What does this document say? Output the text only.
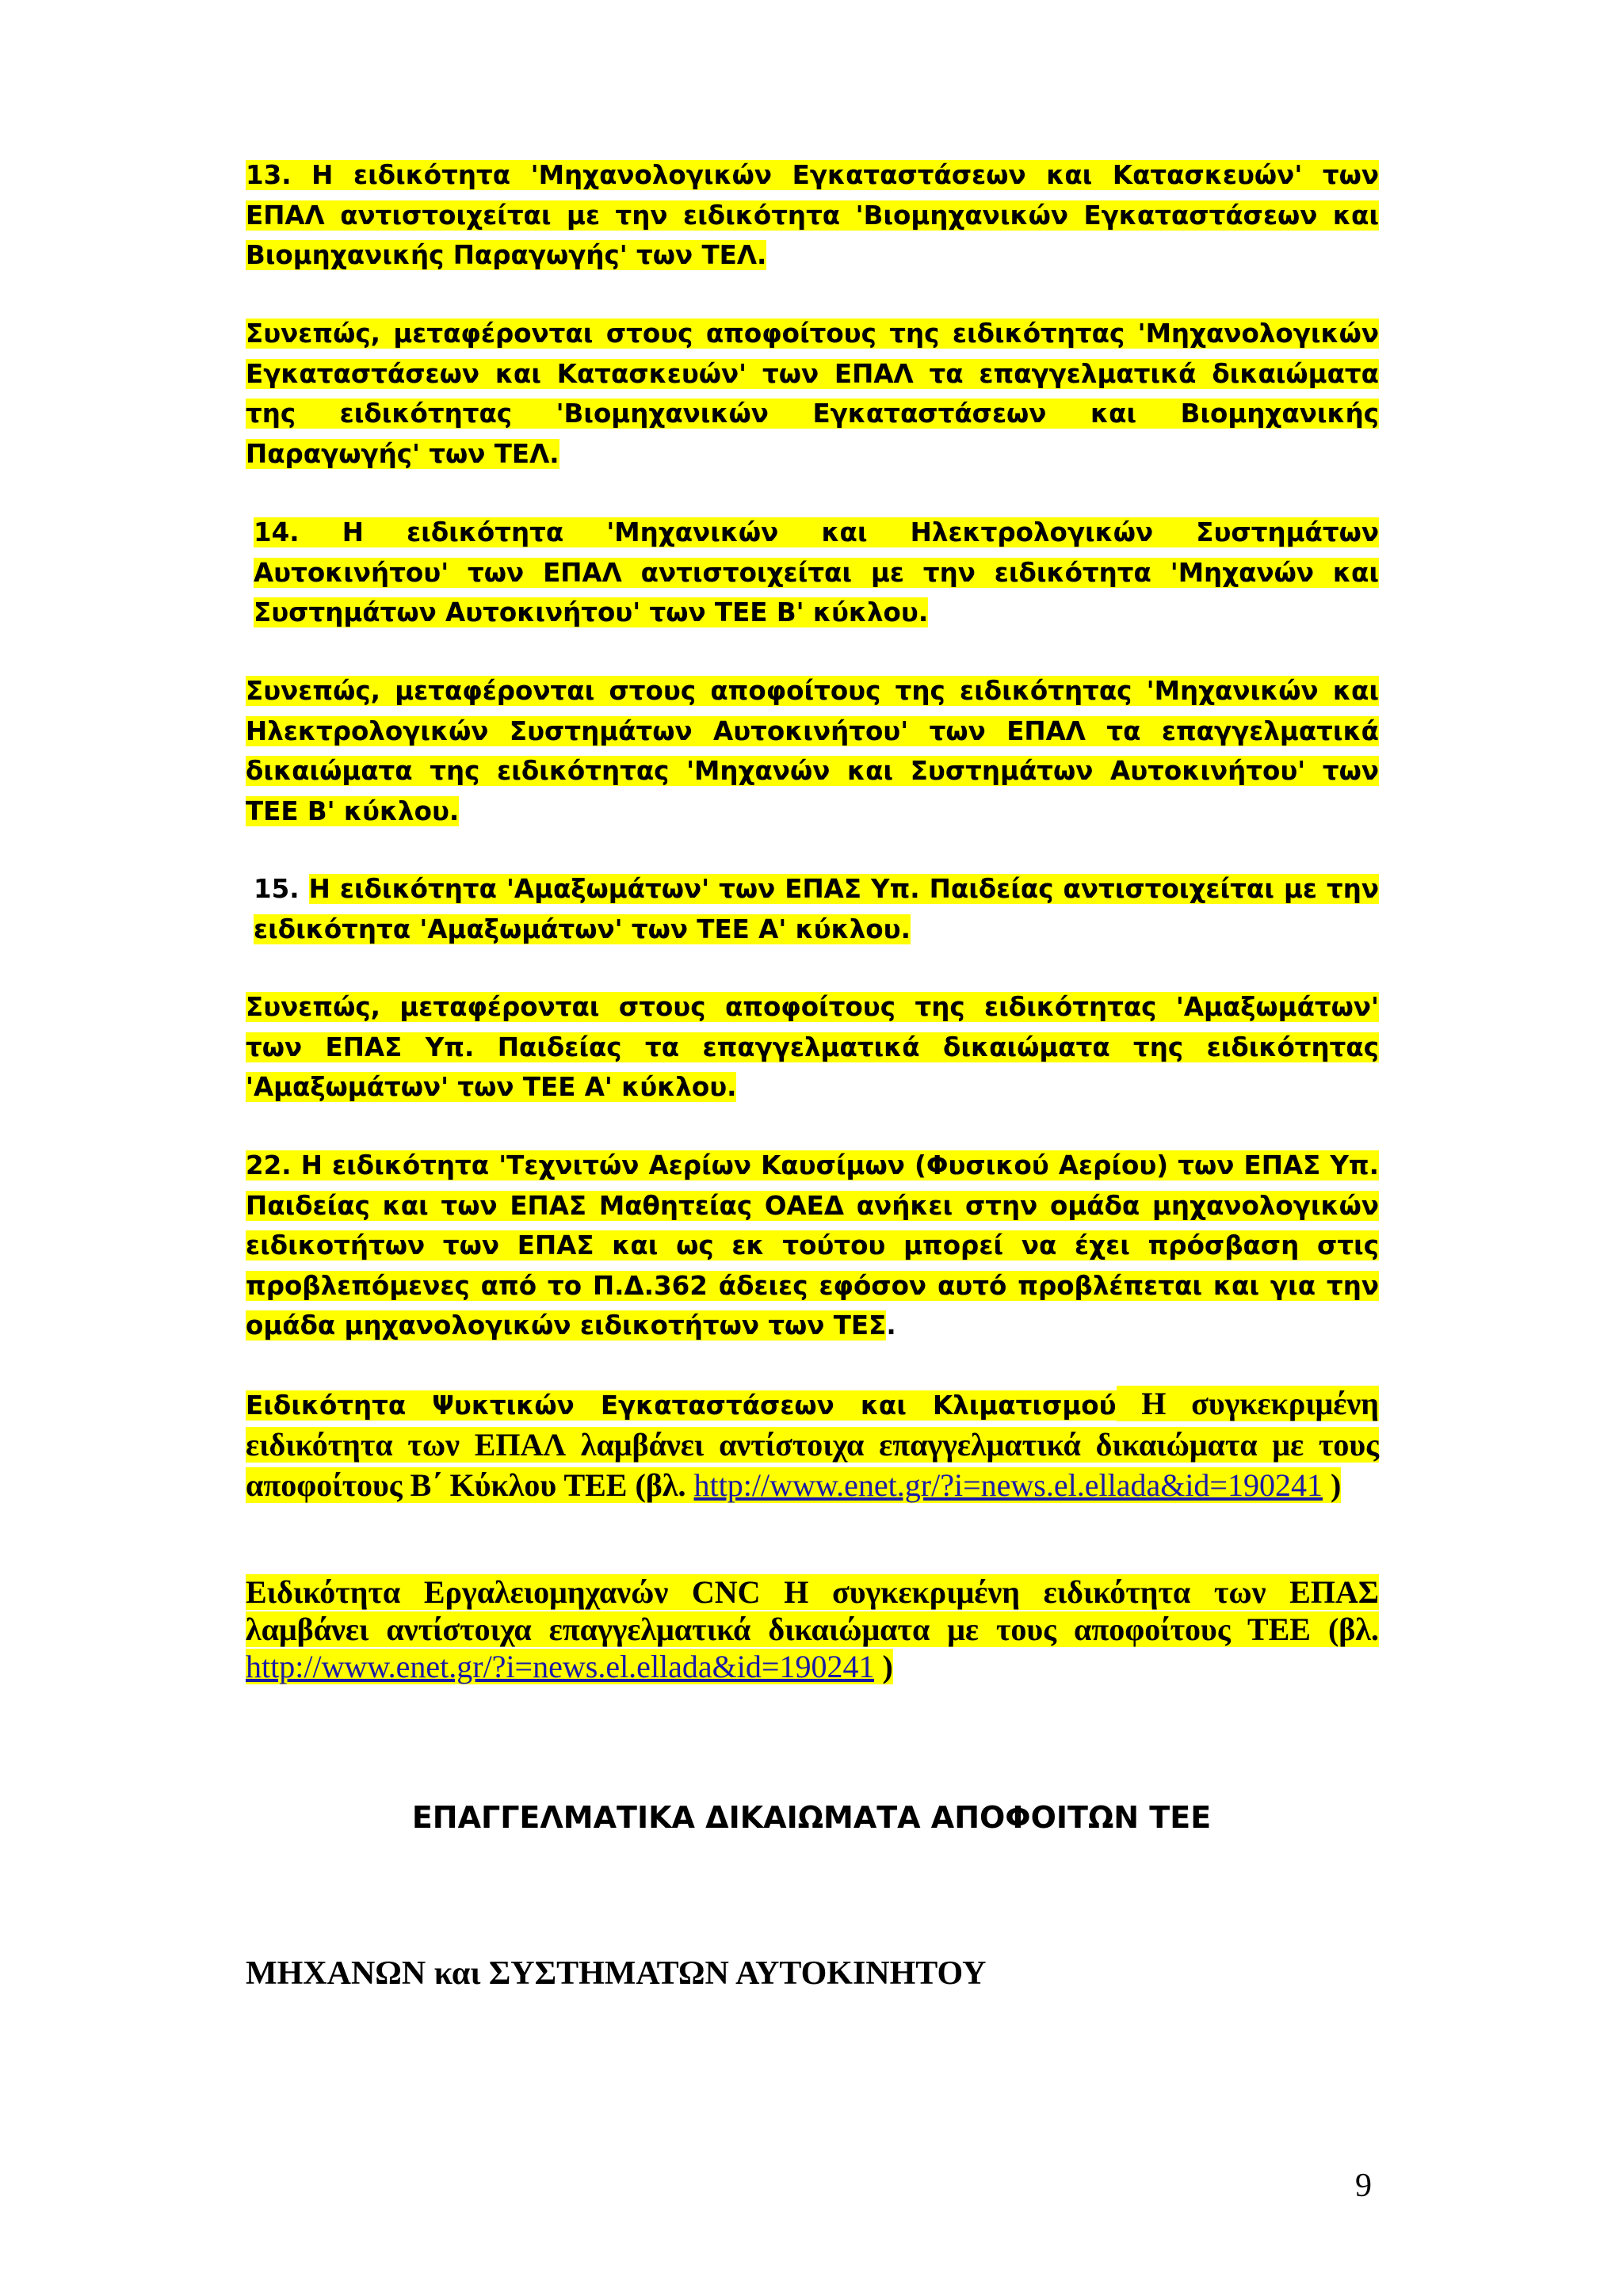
13. Η ειδικότητα 'Μηχανολογικών Εγκαταστάσεων και Κατασκευών' των ΕΠΑΛ αντιστοιχείται με την ειδικότητα 'Βιομηχανικών Εγκαταστάσεων και Βιομηχανικής Παραγωγής' των ΤΕΛ.

Συνεπώς, μεταφέρονται στους αποφοίτους της ειδικότητας 'Μηχανολογικών Εγκαταστάσεων και Κατασκευών' των ΕΠΑΛ τα επαγγελματικά δικαιώματα της ειδικότητας 'Βιομηχανικών Εγκαταστάσεων και Βιομηχανικής Παραγωγής' των ΤΕΛ.

14. Η ειδικότητα 'Μηχανικών και Ηλεκτρολογικών Συστημάτων Αυτοκινήτου' των ΕΠΑΛ αντιστοιχείται με την ειδικότητα 'Μηχανών και Συστημάτων Αυτοκινήτου' των ΤΕΕ Β' κύκλου.

Συνεπώς, μεταφέρονται στους αποφοίτους της ειδικότητας 'Μηχανικών και Ηλεκτρολογικών Συστημάτων Αυτοκινήτου' των ΕΠΑΛ τα επαγγελματικά δικαιώματα της ειδικότητας 'Μηχανών και Συστημάτων Αυτοκινήτου' των ΤΕΕ Β' κύκλου.

15. Η ειδικότητα 'Αμαξωμάτων' των ΕΠΑΣ Υπ. Παιδείας αντιστοιχείται με την ειδικότητα 'Αμαξωμάτων' των ΤΕΕ Α' κύκλου.

Συνεπώς, μεταφέρονται στους αποφοίτους της ειδικότητας 'Αμαξωμάτων' των ΕΠΑΣ Υπ. Παιδείας τα επαγγελματικά δικαιώματα της ειδικότητας 'Αμαξωμάτων' των ΤΕΕ Α' κύκλου.

22. Η ειδικότητα 'Τεχνιτών Αερίων Καυσίμων (Φυσικού Αερίου) των ΕΠΑΣ Υπ. Παιδείας και των ΕΠΑΣ Μαθητείας ΟΑΕΔ ανήκει στην ομάδα μηχανολογικών ειδικοτήτων των ΕΠΑΣ και ως εκ τούτου μπορεί να έχει πρόσβαση στις προβλεπόμενες από το Π.Δ.362 άδειες εφόσον αυτό προβλέπεται και για την ομάδα μηχανολογικών ειδικοτήτων των ΤΕΣ.

Ειδικότητα Ψυκτικών Εγκαταστάσεων και Κλιματισμού Η συγκεκριμένη ειδικότητα των ΕΠΑΛ λαμβάνει αντίστοιχα επαγγελματικά δικαιώματα με τους αποφοίτους Β΄ Κύκλου ΤΕΕ (βλ. http://www.enet.gr/?i=news.el.ellada&id=190241 )

Ειδικότητα Εργαλειομηχανών CNC Η συγκεκριμένη ειδικότητα των ΕΠΑΣ λαμβάνει αντίστοιχα επαγγελματικά δικαιώματα με τους αποφοίτους ΤΕΕ (βλ. http://www.enet.gr/?i=news.el.ellada&id=190241 )

ΕΠΑΓΓΕΛΜΑΤΙΚΑ ΔΙΚΑΙΩΜΑΤΑ ΑΠΟΦΟΙΤΩΝ ΤΕΕ
ΜΗΧΑΝΩΝ και ΣΥΣΤΗΜΑΤΩΝ ΑΥΤΟΚΙΝΗΤΟΥ
9
